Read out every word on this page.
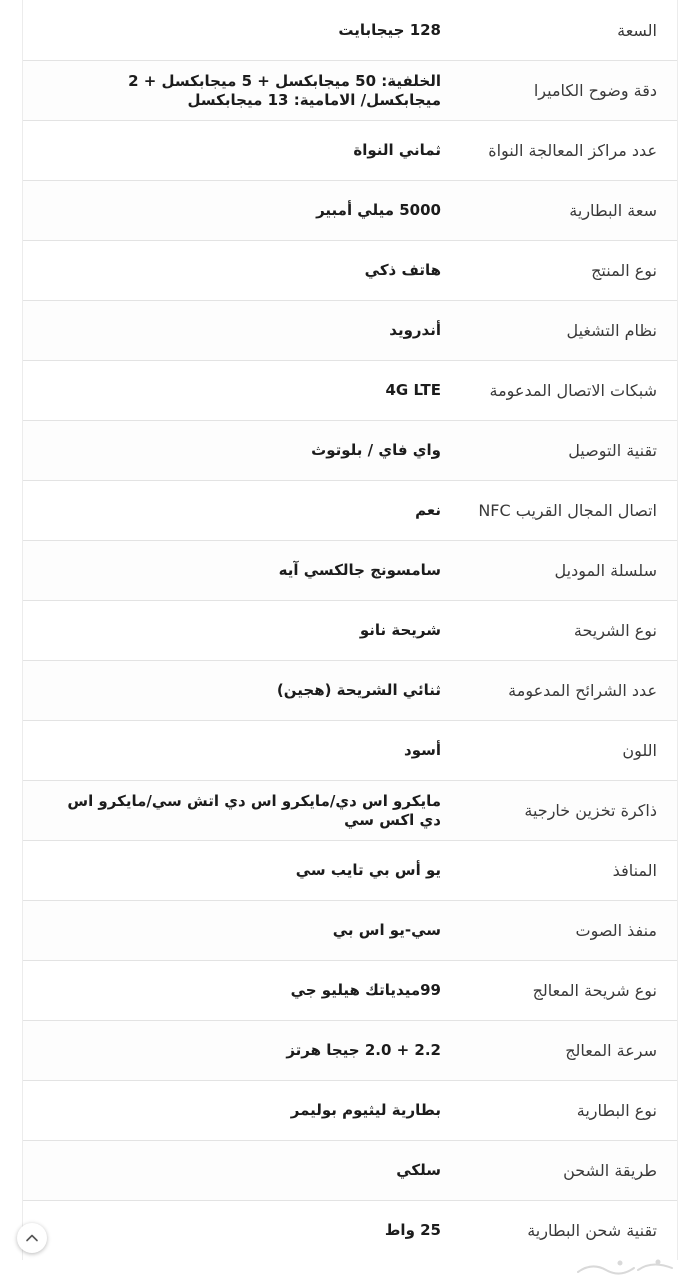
السعة
128 جيجابايت
دقة وضوح الكاميرا
الخلفية: 50 ميجابكسل + 5 ميجابكسل + 2 ميجابكسل/ الامامية: 13 ميجابكسل
عدد مراكز المعالجة النواة
ثماني النواة
سعة البطارية
5000 ميلي أمبير
نوع المنتج
هاتف ذكي
نظام التشغيل
أندرويد
شبكات الاتصال المدعومة
4G LTE
تقنية التوصيل
واي فاي / بلوتوث
اتصال المجال القريب NFC
نعم
سلسلة الموديل
سامسونج جالكسي آيه
نوع الشريحة
شريحة نانو
عدد الشرائح المدعومة
ثنائي الشريحة (هجين)
اللون
أسود
ذاكرة تخزين خارجية
مايكرو اس دي/مايكرو اس دي اتش سي/مايكرو اس دي اكس سي
المنافذ
يو أس بي تايب سي
منفذ الصوت
سي-يو اس بي
نوع شريحة المعالج
99ميدياتك هيليو جي
سرعة المعالج
2.2 + 2.0 جيجا هرتز
نوع البطارية
بطارية ليثيوم بوليمر
طريقة الشحن
سلكي
تقنية شحن البطارية
25 واط
